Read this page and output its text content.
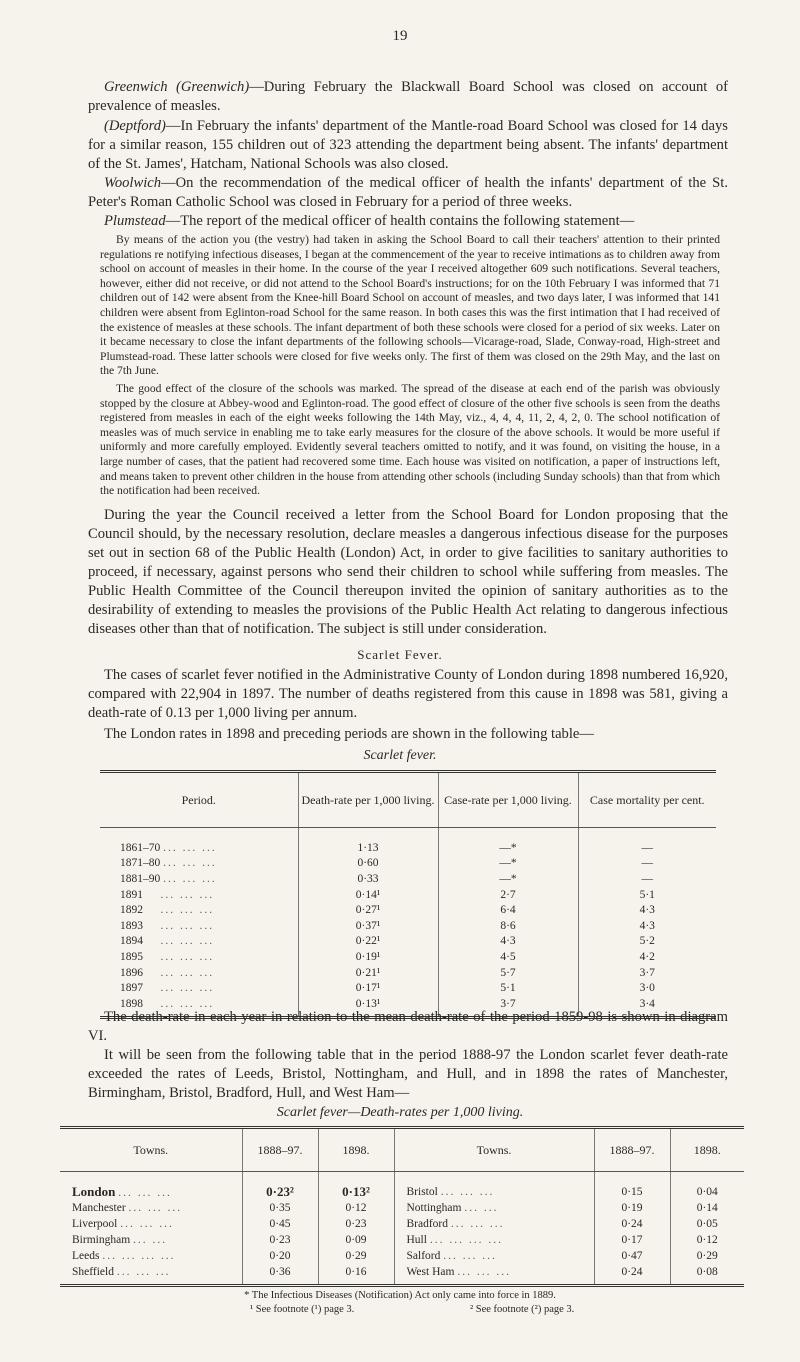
19

Greenwich (Greenwich)—During February the Blackwall Board School was closed on account of prevalence of measles.

(Deptford)—In February the infants' department of the Mantle-road Board School was closed for 14 days for a similar reason, 155 children out of 323 attending the department being absent. The infants' department of the St. James', Hatcham, National Schools was also closed.

Woolwich—On the recommendation of the medical officer of health the infants' department of the St. Peter's Roman Catholic School was closed in February for a period of three weeks.

Plumstead—The report of the medical officer of health contains the following statement—

By means of the action you (the vestry) had taken in asking the School Board to call their teachers' attention to their printed regulations re notifying infectious diseases, I began at the commencement of the year to receive intimations as to children away from school on account of measles in their home. In the course of the year I received altogether 609 such notifications. Several teachers, however, either did not receive, or did not attend to the School Board's instructions; for on the 10th February I was informed that 71 children out of 142 were absent from the Knee-hill Board School on account of measles, and two days later, I was informed that 141 children were absent from Eglinton-road School for the same reason. In both cases this was the first intimation that I had received of the existence of measles at these schools. The infant department of both these schools were closed for a period of six weeks. Later on it became necessary to close the infant departments of the following schools—Vicarage-road, Slade, Conway-road, High-street and Plumstead-road. These latter schools were closed for five weeks only. The first of them was closed on the 29th May, and the last on the 7th June.

The good effect of the closure of the schools was marked. The spread of the disease at each end of the parish was obviously stopped by the closure at Abbey-wood and Eglinton-road. The good effect of closure of the other five schools is seen from the deaths registered from measles in each of the eight weeks following the 14th May, viz., 4, 4, 4, 11, 2, 4, 2, 0. The school notification of measles was of much service in enabling me to take early measures for the closure of the above schools. It would be more useful if uniformly and more carefully employed. Evidently several teachers omitted to notify, and it was found, on visiting the house, in a large number of cases, that the patient had recovered some time. Each house was visited on notification, a paper of instructions left, and means taken to prevent other children in the house from attending other schools (including Sunday schools) than that from which the notification had been received.

During the year the Council received a letter from the School Board for London proposing that the Council should, by the necessary resolution, declare measles a dangerous infectious disease for the purposes set out in section 68 of the Public Health (London) Act, in order to give facilities to sanitary authorities to proceed, if necessary, against persons who send their children to school while suffering from measles. The Public Health Committee of the Council thereupon invited the opinion of sanitary authorities as to the desirability of extending to measles the provisions of the Public Health Act relating to dangerous infectious diseases other than that of notification. The subject is still under consideration.

Scarlet Fever.

The cases of scarlet fever notified in the Administrative County of London during 1898 numbered 16,920, compared with 22,904 in 1897. The number of deaths registered from this cause in 1898 was 581, giving a death-rate of 0.13 per 1,000 living per annum.

The London rates in 1898 and preceding periods are shown in the following table—

Scarlet fever.
Period.	Death-rate per 1,000 living.	Case-rate per 1,000 living.	Case mortality per cent.

1861–70 ... ... ...	1·13	—*	—
1871–80 ... ... ...	0·60	—*	—
1881–90 ... ... ...	0·33	—*	—
1891    ... ... ...	0·14¹	2·7	5·1
1892    ... ... ...	0·27¹	6·4	4·3
1893    ... ... ...	0·37¹	8·6	4·3
1894    ... ... ...	0·22¹	4·3	5·2
1895    ... ... ...	0·19¹	4·5	4·2
1896    ... ... ...	0·21¹	5·7	3·7
1897    ... ... ...	0·17¹	5·1	3·0
1898    ... ... ...	0·13¹	3·7	3·4

The death-rate in each year in relation to the mean death-rate of the period 1859-98 is shown in diagram VI.

It will be seen from the following table that in the period 1888-97 the London scarlet fever death-rate exceeded the rates of Leeds, Bristol, Nottingham, and Hull, and in 1898 the rates of Manchester, Birmingham, Bristol, Bradford, Hull, and West Ham—

Scarlet fever—Death-rates per 1,000 living.
Towns.	1888–97.	1898.	Towns.	1888–97.	1898.

London ... ... ...	0·23²	0·13²	Bristol ... ... ...	0·15	0·04
Manchester ... ... ...	0·35	0·12	Nottingham ... ...	0·19	0·14
Liverpool ... ... ...	0·45	0·23	Bradford ... ... ...	0·24	0·05
Birmingham ... ...	0·23	0·09	Hull ... ... ... ...	0·17	0·12
Leeds ... ... ... ...	0·20	0·29	Salford ... ... ...	0·47	0·29
Sheffield ... ... ...	0·36	0·16	West Ham ... ... ...	0·24	0·08
* The Infectious Diseases (Notification) Act only came into force in 1889.
¹ See footnote (¹) page 3.	² See footnote (²) page 3.
